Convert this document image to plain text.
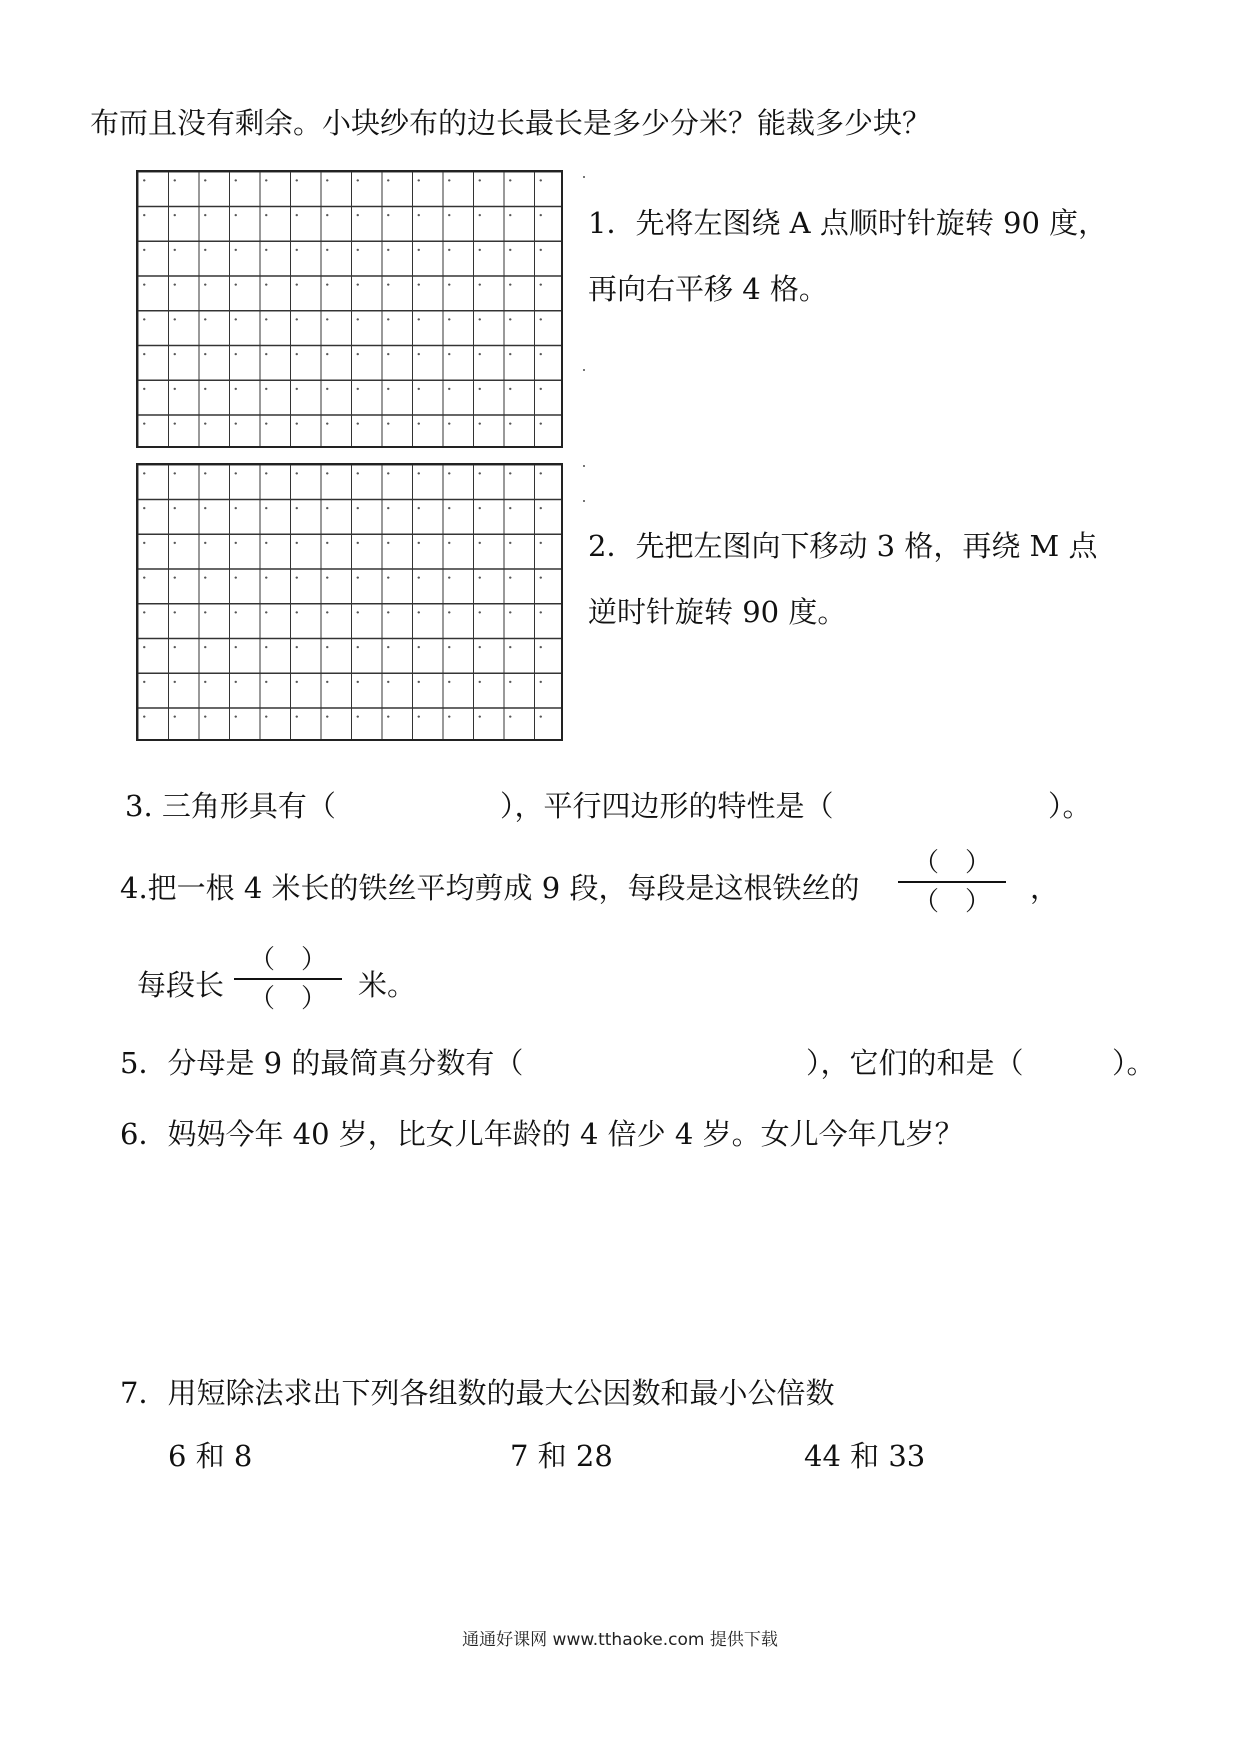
布而且没有剩余。小块纱布的边长最长是多少分米？能裁多少块？
1．先将左图绕 A 点顺时针旋转 90 度，
再向右平移 4 格。
2．先把左图向下移动 3 格，再绕 M 点
逆时针旋转 90 度。
3. 三角形具有（	），平行四边形的特性是（	）。
4.把一根 4 米长的铁丝平均剪成 9 段，每段是这根铁丝的
（　）
（　） ，
每段长
（　）
（　） 米。
5．分母是 9 的最简真分数有（	），它们的和是（	）。
6．妈妈今年 40 岁，比女儿年龄的 4 倍少 4 岁。女儿今年几岁？
7．用短除法求出下列各组数的最大公因数和最小公倍数
6 和 8	7 和 28	44 和 33
通通好课网 www.tthaoke.com 提供下载
